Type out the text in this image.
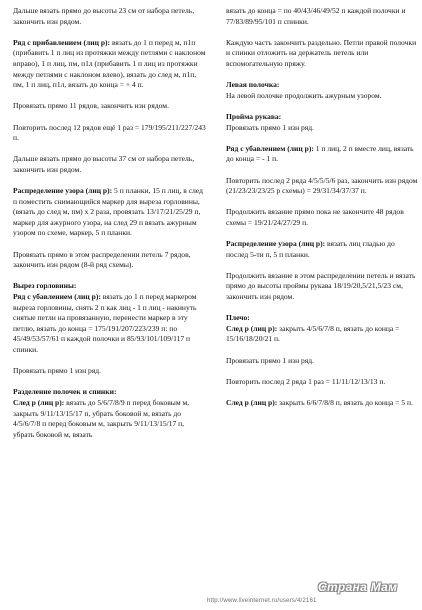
Дальше вязать прямо до высоты 23 см от набора петель, закончить изн рядом.

Ряд с прибавлением (лиц р): вязать до 1 п перед м, п1п (прибавить 1 п лиц из протяжки между петлями с наклоном вправо), 1 п лиц, пм, п1л (прибавить 1 п лиц из протяжки между петлями с наклоном влево), вязать до след м, п1п, пм, 1 п лиц, п1л, вязать до конца = + 4 п.

Провязать прямо 11 рядов, закончить изн рядом.

Повторить послед 12 рядов ещё 1 раз = 179/195/211/227/243 п.

Дальше вязать прямо до высоты 37 см от набора петель, закончить изн рядом.

Распределение узора (лиц р): 5 п планки, 15 п лиц, в след п поместить снимающийся маркер для выреза горловины, (вязать до след м, пм) х 2 раза, провязать 13/17/21/25/29 п, маркер для ажурного узора, на след 29 п вязать ажурным узором по схеме, маркер, 5 п планки.

Провязать прямо в этом распределении петель 7 рядов, закончить изн рядом (8-й ряд схемы).

Вырез горловины:
Ряд с убавлением (лиц р): вязать до 1 п перед маркером выреза горловины, снять 2 п как лиц - 1 п лиц - накинуть снятые петли на провязанную, перенести маркер в эту петлю, вязать до конца = 175/191/207/223/239 п: по 45/49/53/57/61 п каждой полочки и 85/93/101/109/117 п спинки.

Провязать прямо 1 изн ряд.

Разделение полочек и спинки:
След р (лиц р): вязать до 5/6/7/8/9 п перед боковым м, закрыть 9/11/13/15/17 п, убрать боковой м, вязать до 4/5/6/7/8 п перед боковым м, закрыть 9/11/13/15/17 п, убрать боковой м, вязать

вязать до конца = по 40/43/46/49/52 п каждой полочки и 77/83/89/95/101 п спинки.

Каждую часть закончить раздельно. Петли правой полочки и спинки отложить на держатель петель или вспомогательную пряжу.

Левая полочка:
На левой полочке продолжить ажурным узором.

Пройма рукава:
Провязать прямо 1 изн ряд.

Ряд с убавлением (лиц р): 1 п лиц, 2 п вместе лиц, вязать до конца = - 1 п.

Повторить послед 2 ряда 4/5/5/5/6 раз, закончить изн рядом (21/23/23/23/25 р схемы) = 29/31/34/37/37 п.

Продолжить вязание прямо пока не закончите 48 рядов схемы = 19/21/24/27/29 п.

Распределение узора (лиц р): вязать лиц гладью до послед 5-ти п, 5 п планки.

Продолжить вязание в этом распределении петель и вязать прямо до высоты проймы рукава 18/19/20,5/21,5/23 см, закончить изн рядом.

Плечо:
След р (лиц р): закрыть 4/5/6/7/8 п, вязать до конца = 15/16/18/20/21 п.

Провязать прямо 1 изн ряд.

Повторить послед 2 ряда 1 раз = 11/11/12/13/13 п.

След р (лиц р): закрыть 6/6/7/8/8 п, вязать до конца = 5 п.

http://www.liveinternet.ru/users/4/2161
Страна Мам
